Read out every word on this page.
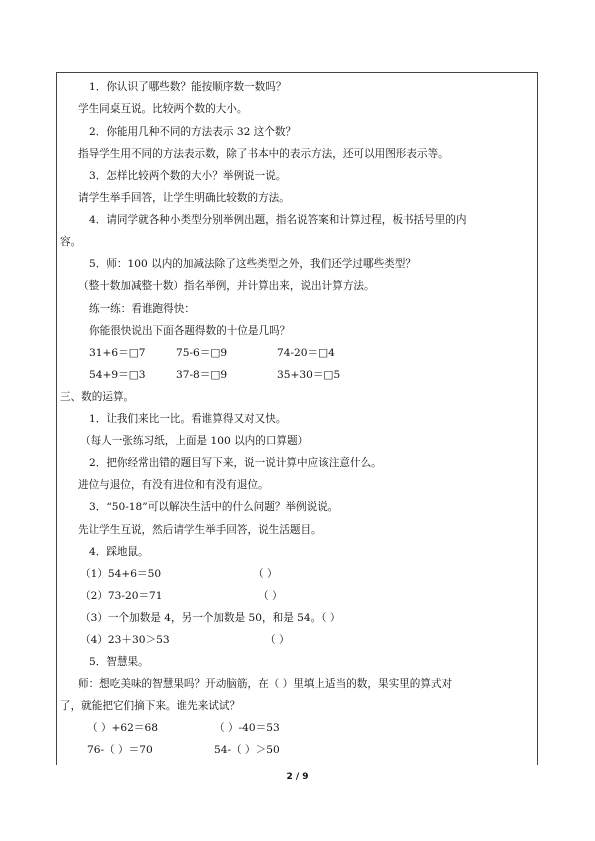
1．你认识了哪些数？能按顺序数一数吗？
学生同桌互说。比较两个数的大小。
2．你能用几种不同的方法表示 32 这个数？
指导学生用不同的方法表示数，除了书本中的表示方法，还可以用图形表示等。
3．怎样比较两个数的大小？举例说一说。
请学生举手回答，让学生明确比较数的方法。
4．请同学就各种小类型分别举例出题，指名说答案和计算过程，板书括号里的内
容。
5．师：100 以内的加减法除了这些类型之外，我们还学过哪些类型？
（整十数加减整十数）指名举例，并计算出来，说出计算方法。
练一练：看谁跑得快：
你能很快说出下面各题得数的十位是几吗？
31+6＝□7	75-6＝□9	74-20＝□4
54+9＝□3	37-8＝□9	35+30＝□5
三、数的运算。
1．让我们来比一比。看谁算得又对又快。
（每人一张练习纸，上面是 100 以内的口算题）
2．把你经常出错的题目写下来，说一说计算中应该注意什么。
进位与退位，有没有进位和有没有退位。
3．“50-18”可以解决生活中的什么问题？举例说说。
先让学生互说，然后请学生举手回答，说生活题目。
4．踩地鼠。
（1）54+6＝50	（ ）
（2）73-20＝71	（ ）
（3）一个加数是 4，另一个加数是 50，和是 54。（ ）
（4）23＋30＞53	（ ）
5．智慧果。
师：想吃美味的智慧果吗？开动脑筋，在（ ）里填上适当的数，果实里的算式对
了，就能把它们摘下来。谁先来试试？
（ ）+62＝68	（ ）-40＝53
76-（ ）＝70	54-（ ）＞50
2 / 9
